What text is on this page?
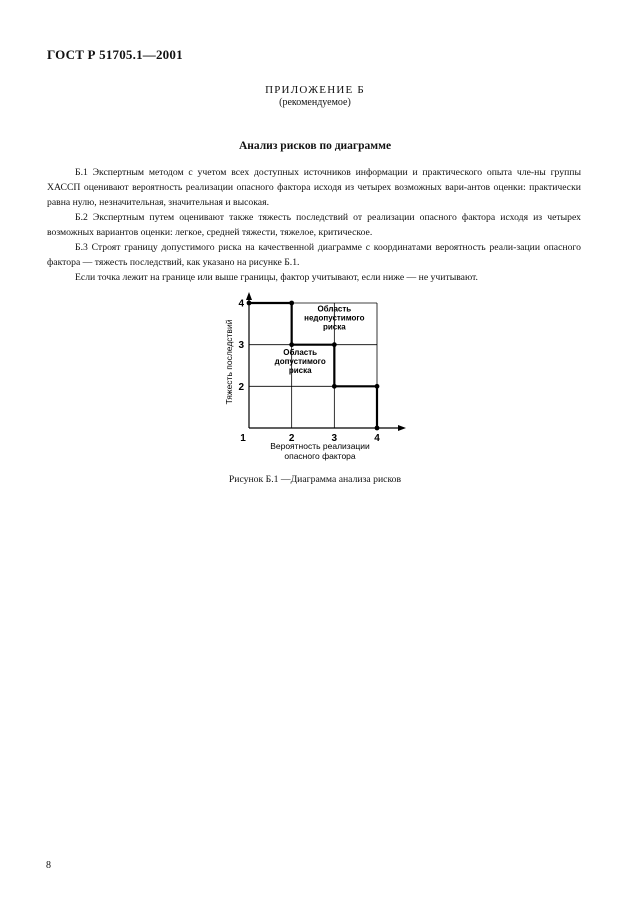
ГОСТ Р 51705.1—2001
ПРИЛОЖЕНИЕ Б
(рекомендуемое)
Анализ рисков по диаграмме

Б.1 Экспертным методом с учетом всех доступных источников информации и практического опыта чле-ны группы ХАССП оценивают вероятность реализации опасного фактора исходя из четырех возможных вари-антов оценки: практически равна нулю, незначительная, значительная и высокая.

Б.2 Экспертным путем оценивают также тяжесть последствий от реализации опасного фактора исходя из четырех возможных вариантов оценки: легкое, средней тяжести, тяжелое, критическое.

Б.3 Строят границу допустимого риска на качественной диаграмме с координатами вероятность реали-зации опасного фактора — тяжесть последствий, как указано на рисунке Б.1.

Если точка лежит на границе или выше границы, фактор учитывают, если ниже — не учитывают.

1	2	3	4
2
3
4	Область
недопустимого
риска
Область
допустимого
риска
Тяжесть последствий
Вероятность реализации
опасного фактора
Рисунок Б.1 —Диаграмма анализа рисков
8
